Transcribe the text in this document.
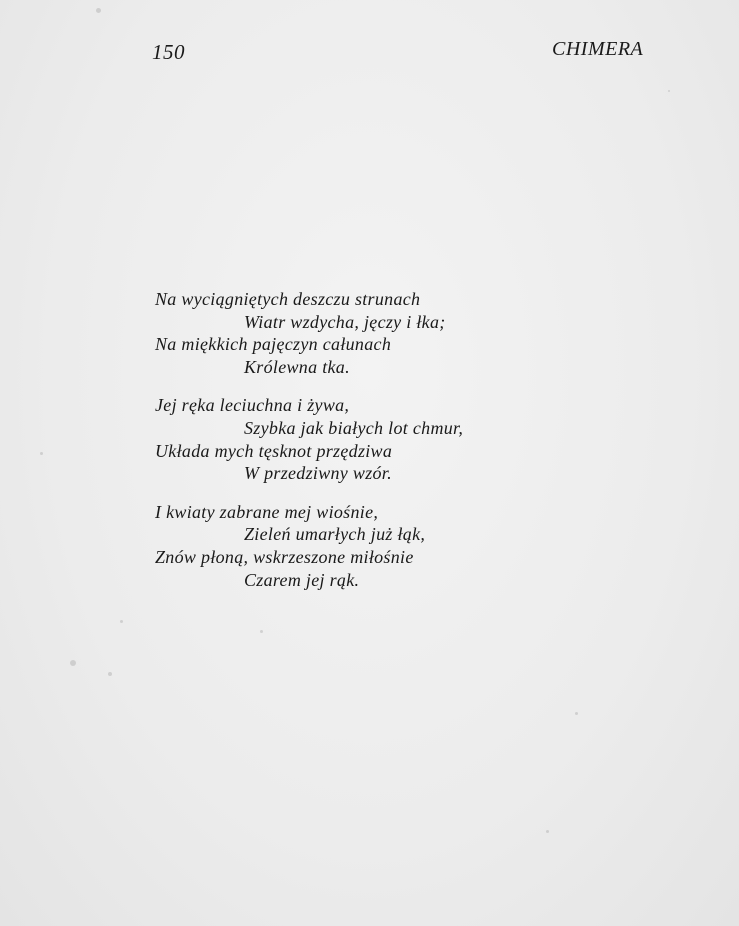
150	CHIMERA
Na wyciągniętych deszczu strunach
Wiatr wzdycha, jęczy i łka;
Na miękkich pajęczyn całunach
Królewna tka.
Jej ręka leciuchna i żywa,
Szybka jak białych lot chmur,
Układa mych tęsknot przędziwa
W przedziwny wzór.
I kwiaty zabrane mej wiośnie,
Zieleń umarłych już łąk,
Znów płoną, wskrzeszone miłośnie
Czarem jej rąk.
